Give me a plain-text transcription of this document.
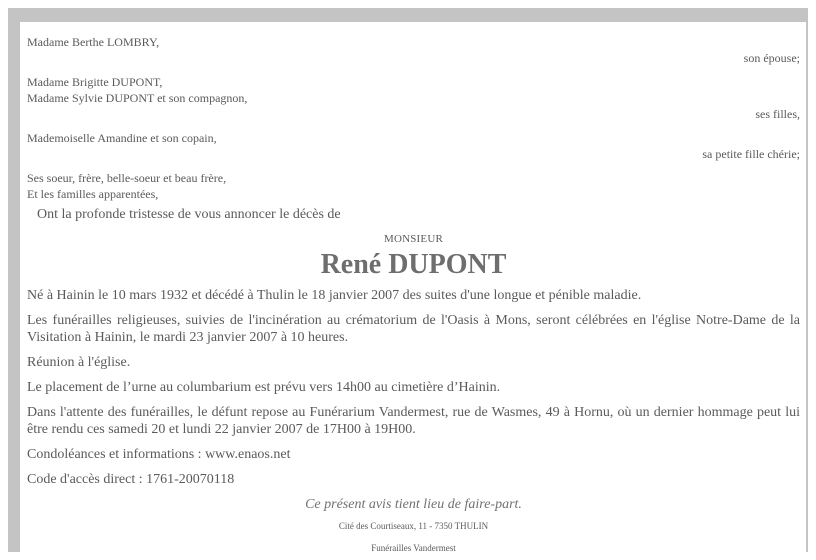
Madame Berthe LOMBRY,
son épouse;
Madame Brigitte DUPONT,
Madame Sylvie DUPONT et son compagnon,
ses filles,
Mademoiselle Amandine et son copain,
sa petite fille chérie;
Ses soeur, frère, belle-soeur et beau frère,
Et les familles apparentées,
Ont la profonde tristesse de vous annoncer le décès de
MONSIEUR
René DUPONT
Né à Hainin le 10 mars 1932 et décédé à Thulin le 18 janvier 2007 des suites d'une longue et pénible maladie.
Les funérailles religieuses, suivies de l'incinération au crématorium de l'Oasis à Mons, seront célébrées en l'église Notre-Dame de la Visitation à Hainin, le mardi 23 janvier 2007 à 10 heures.
Réunion à l'église.
Le placement de l’urne au columbarium est prévu vers 14h00 au cimetière d’Hainin.
Dans l'attente des funérailles, le défunt repose au Funérarium Vandermest, rue de Wasmes, 49 à Hornu, où un dernier hommage peut lui être rendu ces samedi 20 et lundi 22 janvier 2007 de 17H00 à 19H00.
Condoléances et informations : www.enaos.net
Code d'accès direct : 1761-20070118
Ce présent avis tient lieu de faire-part.
Cité des Courtiseaux, 11 - 7350 THULIN
Funérailles Vandermest
